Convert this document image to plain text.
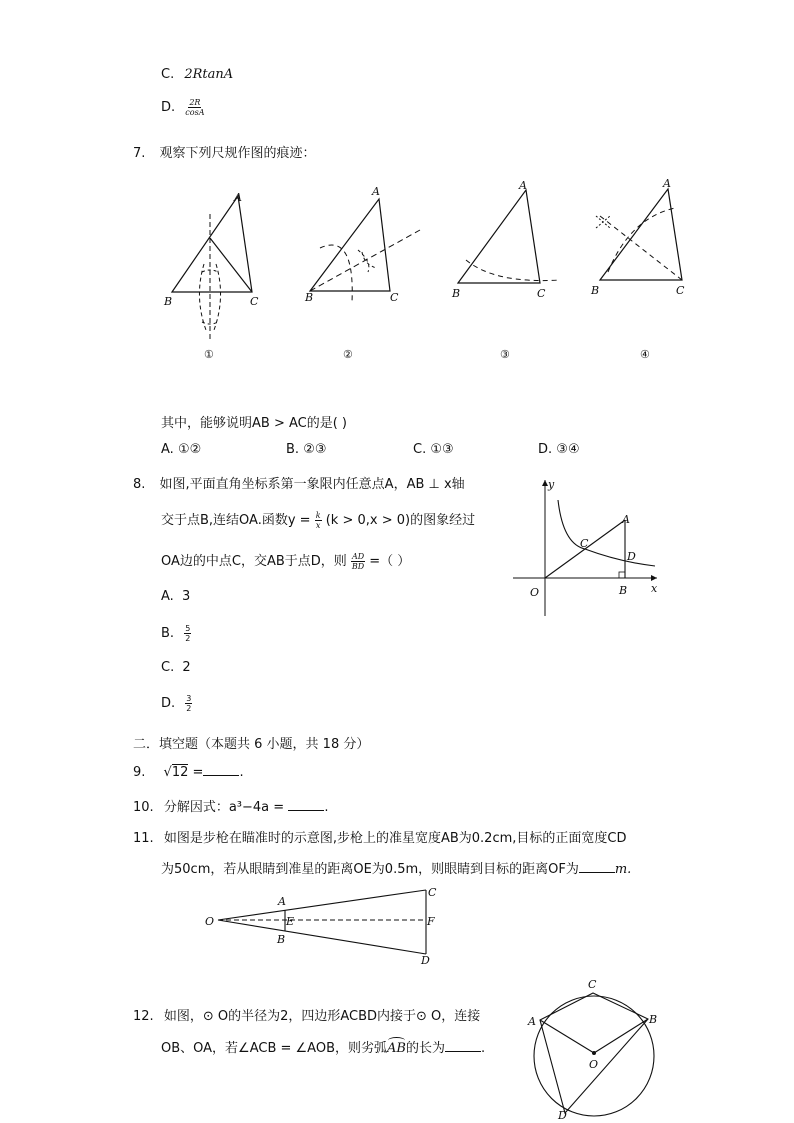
C. 2RtanA
D. $\frac{2R}{\cos A}$
7. 观察下列尺规作图的痕迹：
A
B	C
①
A
B	C
②
A
B	C
③
A
B	C
④
其中，能够说明AB > AC的是( )
A. ①②	B. ②③	C. ①③	D. ③④
8. 如图,平面直角坐标系第一象限内任意点A，AB ⊥ x轴
交于点B,连结OA.函数$y = \frac{k}{x} (k > 0,x > 0)$的图象经过
OA边的中点C，交AB于点D，则 $\frac{AD}{BD}$ =（ ）
A. 3
B. $\frac{5}{2}$
C. 2
D. $\frac{3}{2}$
y
x
O
A
B
C
D
二．填空题（本题共 6 小题，共 18 分）
9. √12 =	.
10. 分解因式：a³−4a =	.
11. 如图是步枪在瞄准时的示意图,步枪上的准星宽度AB为0.2cm,目标的正面宽度CD
为50cm，若从眼睛到准星的距离OE为0.5m，则眼睛到目标的距离OF为	m.
O
A
E
B
C
F
D
12. 如图，⊙ O的半径为2，四边形ACBD内接于⊙ O，连接
OB、OA，若∠ACB = ∠AOB，则劣弧AB
的长为	.
A	B
C
D
O
